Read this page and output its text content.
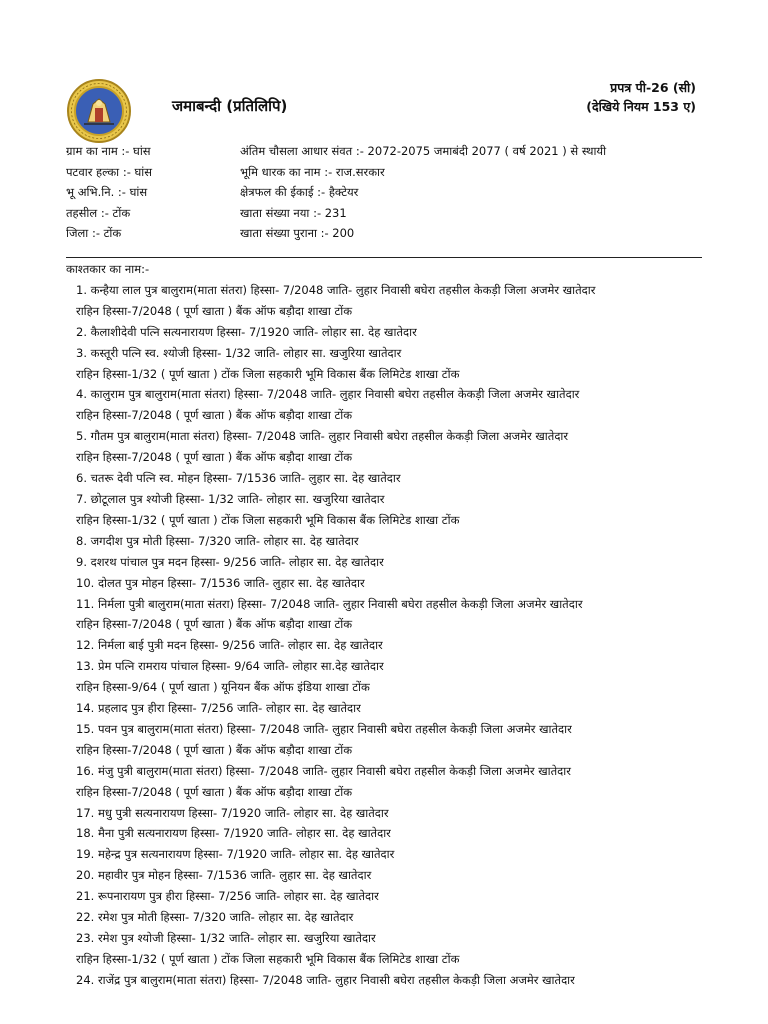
जमाबन्दी (प्रतिलिपि)
प्रपत्र पी-26 (सी)
(देखिये नियम 153 ए)
ग्राम का नाम :- घांस	अंतिम चौसला आधार संवत :- 2072-2075 जमाबंदी 2077 ( वर्ष 2021 ) से स्थायी
पटवार हल्का :- घांस	भूमि धारक का नाम :- राज.सरकार
भू अभि.नि. :- घांस	क्षेत्रफल की ईकाई :- हैक्टेयर
तहसील :- टोंक	खाता संख्या नया :- 231
जिला :- टोंक	खाता संख्या पुराना :- 200
काश्तकार का नाम:-
1. कन्हैया लाल पुत्र बालुराम(माता संतरा) हिस्सा- 7/2048 जाति- लुहार निवासी बघेरा तहसील केकड़ी जिला अजमेर खातेदार
राहिन हिस्सा-7/2048 ( पूर्ण खाता ) बैंक ऑफ बड़ौदा शाखा टोंक
2. कैलाशीदेवी पत्नि सत्यनारायण हिस्सा- 7/1920 जाति- लोहार सा. देह खातेदार
3. कस्तूरी पत्नि स्व. श्योजी हिस्सा- 1/32 जाति- लोहार सा. खजुरिया खातेदार
राहिन हिस्सा-1/32 ( पूर्ण खाता ) टोंक जिला सहकारी भूमि विकास बैंक लिमिटेड शाखा टोंक
4. कालुराम पुत्र बालुराम(माता संतरा) हिस्सा- 7/2048 जाति- लुहार निवासी बघेरा तहसील केकड़ी जिला अजमेर खातेदार
राहिन हिस्सा-7/2048 ( पूर्ण खाता ) बैंक ऑफ बड़ौदा शाखा टोंक
5. गौतम पुत्र बालुराम(माता संतरा) हिस्सा- 7/2048 जाति- लुहार निवासी बघेरा तहसील केकड़ी जिला अजमेर खातेदार
राहिन हिस्सा-7/2048 ( पूर्ण खाता ) बैंक ऑफ बड़ौदा शाखा टोंक
6. चतरू देवी पत्नि स्व. मोहन हिस्सा- 7/1536 जाति- लुहार सा. देह खातेदार
7. छोटूलाल पुत्र श्योजी हिस्सा- 1/32 जाति- लोहार सा. खजुरिया खातेदार
राहिन हिस्सा-1/32 ( पूर्ण खाता ) टोंक जिला सहकारी भूमि विकास बैंक लिमिटेड शाखा टोंक
8. जगदीश पुत्र मोती हिस्सा- 7/320 जाति- लोहार सा. देह खातेदार
9. दशरथ पांचाल पुत्र मदन हिस्सा- 9/256 जाति- लोहार सा. देह खातेदार
10. दोलत पुत्र मोहन हिस्सा- 7/1536 जाति- लुहार सा. देह खातेदार
11. निर्मला पुत्री बालुराम(माता संतरा) हिस्सा- 7/2048 जाति- लुहार निवासी बघेरा तहसील केकड़ी जिला अजमेर खातेदार
राहिन हिस्सा-7/2048 ( पूर्ण खाता ) बैंक ऑफ बड़ौदा शाखा टोंक
12. निर्मला बाई पुत्री मदन हिस्सा- 9/256 जाति- लोहार सा. देह खातेदार
13. प्रेम पत्नि रामराय पांचाल हिस्सा- 9/64 जाति- लोहार सा.देह खातेदार
राहिन हिस्सा-9/64 ( पूर्ण खाता ) यूनियन बैंक ऑफ इंडिया शाखा टोंक
14. प्रहलाद पुत्र हीरा हिस्सा- 7/256 जाति- लोहार सा. देह खातेदार
15. पवन पुत्र बालुराम(माता संतरा) हिस्सा- 7/2048 जाति- लुहार निवासी बघेरा तहसील केकड़ी जिला अजमेर खातेदार
राहिन हिस्सा-7/2048 ( पूर्ण खाता ) बैंक ऑफ बड़ौदा शाखा टोंक
16. मंजु पुत्री बालुराम(माता संतरा) हिस्सा- 7/2048 जाति- लुहार निवासी बघेरा तहसील केकड़ी जिला अजमेर खातेदार
राहिन हिस्सा-7/2048 ( पूर्ण खाता ) बैंक ऑफ बड़ौदा शाखा टोंक
17. मधु पुत्री सत्यनारायण हिस्सा- 7/1920 जाति- लोहार सा. देह खातेदार
18. मैना पुत्री सत्यनारायण हिस्सा- 7/1920 जाति- लोहार सा. देह खातेदार
19. महेन्द्र पुत्र सत्यनारायण हिस्सा- 7/1920 जाति- लोहार सा. देह खातेदार
20. महावीर पुत्र मोहन हिस्सा- 7/1536 जाति- लुहार सा. देह खातेदार
21. रूपनारायण पुत्र हीरा हिस्सा- 7/256 जाति- लोहार सा. देह खातेदार
22. रमेश पुत्र मोती हिस्सा- 7/320 जाति- लोहार सा. देह खातेदार
23. रमेश पुत्र श्योजी हिस्सा- 1/32 जाति- लोहार सा. खजुरिया खातेदार
राहिन हिस्सा-1/32 ( पूर्ण खाता ) टोंक जिला सहकारी भूमि विकास बैंक लिमिटेड शाखा टोंक
24. राजेंद्र पुत्र बालुराम(माता संतरा) हिस्सा- 7/2048 जाति- लुहार निवासी बघेरा तहसील केकड़ी जिला अजमेर खातेदार
